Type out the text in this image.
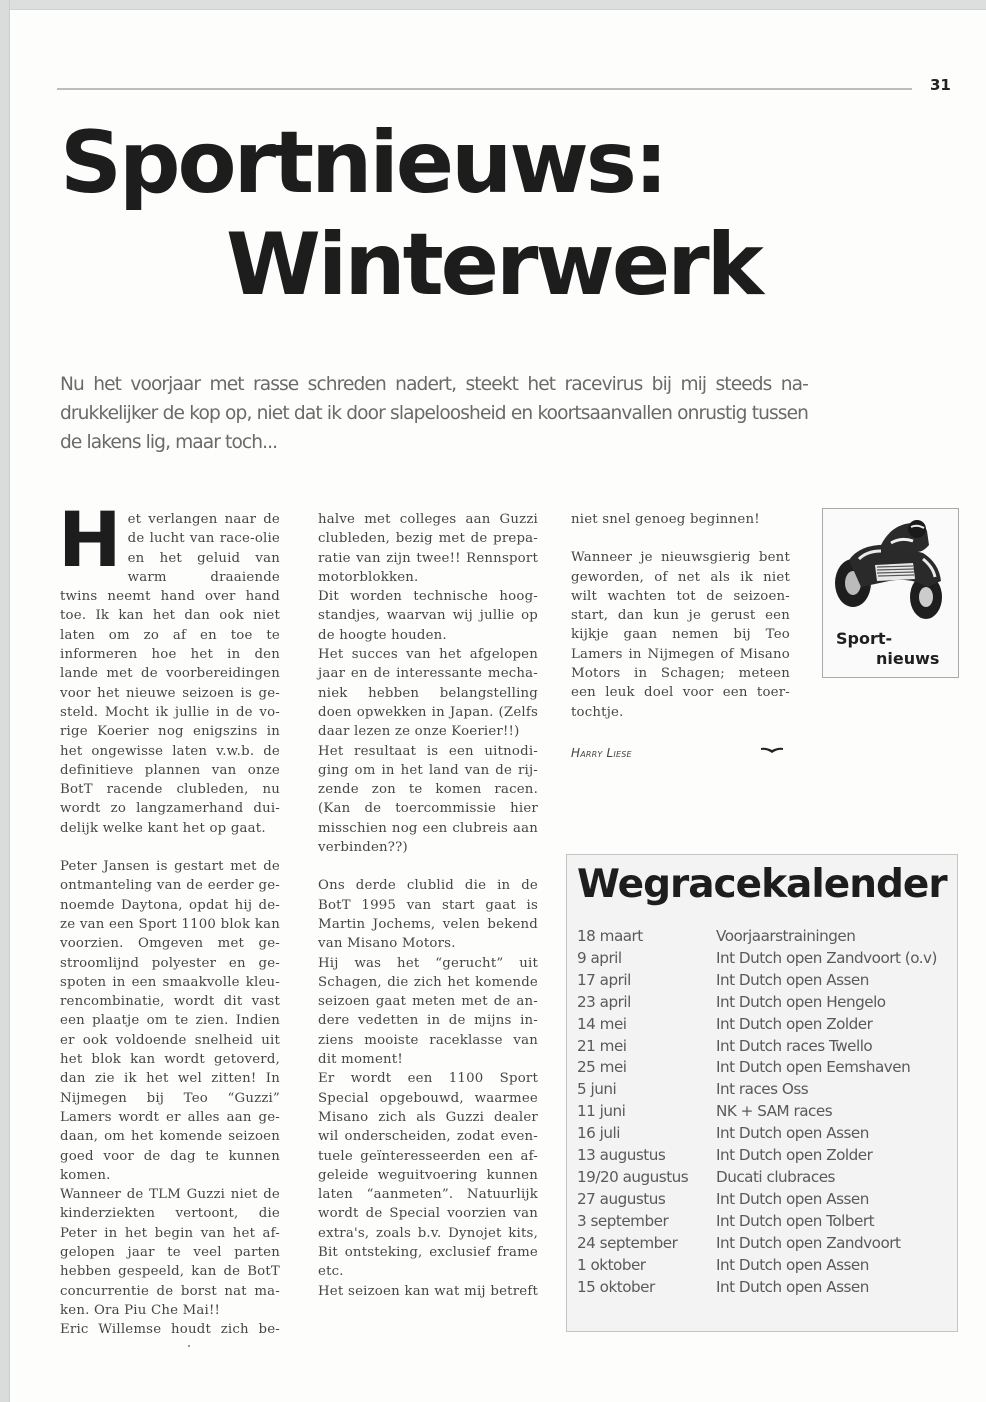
31
Sportnieuws:
Winterwerk
Nu het voorjaar met rasse schreden nadert, steekt het racevirus bij mij steeds na-drukkelijker de kop op, niet dat ik door slapeloosheid en koortsaanvallen onrustig tussen de lakens lig, maar toch...

Het verlangen naar de de lucht van race-olie en het geluid van warm draaiende twins neemt hand over hand toe. Ik kan het dan ook niet laten om zo af en toe te informeren hoe het in den lande met de voorbereidingen voor het nieuwe seizoen is ge-steld. Mocht ik jullie in de vo-rige Koerier nog enigszins in het ongewisse laten v.w.b. de definitieve plannen van onze BotT racende clubleden, nu wordt zo langzamerhand dui-delijk welke kant het op gaat.

Peter Jansen is gestart met de ontmanteling van de eerder ge-noemde Daytona, opdat hij de-ze van een Sport 1100 blok kan voorzien. Omgeven met ge-stroomlijnd polyester en ge-spoten in een smaakvolle kleu-rencombinatie, wordt dit vast een plaatje om te zien. Indien er ook voldoende snelheid uit het blok kan wordt getoverd, dan zie ik het wel zitten! In Nijmegen bij Teo “Guzzi” Lamers wordt er alles aan ge-daan, om het komende seizoen goed voor de dag te kunnen komen.

Wanneer de TLM Guzzi niet de kinderziekten vertoont, die Peter in het begin van het af-gelopen jaar te veel parten hebben gespeeld, kan de BotT concurrentie de borst nat ma-ken. Ora Piu Che Mai!!

Eric Willemse houdt zich be-

halve met colleges aan Guzzi clubleden, bezig met de prepa-ratie van zijn twee!! Rennsport motorblokken.

Dit worden technische hoog-standjes, waarvan wij jullie op de hoogte houden.

Het succes van het afgelopen jaar en de interessante mecha-niek hebben belangstelling doen opwekken in Japan. (Zelfs daar lezen ze onze Koerier!!)

Het resultaat is een uitnodi-ging om in het land van de rij-zende zon te komen racen. (Kan de toercommissie hier misschien nog een clubreis aan verbinden??)

Ons derde clublid die in de BotT 1995 van start gaat is Martin Jochems, velen bekend van Misano Motors.

Hij was het “gerucht” uit Schagen, die zich het komende seizoen gaat meten met de an-dere vedetten in de mijns in-ziens mooiste raceklasse van dit moment!

Er wordt een 1100 Sport Special opgebouwd, waarmee Misano zich als Guzzi dealer wil onderscheiden, zodat even-tuele geïnteresseerden een af-geleide weguitvoering kunnen laten “aanmeten”. Natuurlijk wordt de Special voorzien van extra's, zoals b.v. Dynojet kits, Bit ontsteking, exclusief frame etc.

Het seizoen kan wat mij betreft

niet snel genoeg beginnen!

Wanneer je nieuwsgierig bent geworden, of net als ik niet wilt wachten tot de seizoen-start, dan kun je gerust een kijkje gaan nemen bij Teo Lamers in Nijmegen of Misano Motors in Schagen; meteen een leuk doel voor een toer-tochtje.

Harry Liese

Sport-
nieuws
Wegracekalender
18 maart	Voorjaarstrainingen
9 april	Int Dutch open Zandvoort (o.v)
17 april	Int Dutch open Assen
23 april	Int Dutch open Hengelo
14 mei	Int Dutch open Zolder
21 mei	Int Dutch races Twello
25 mei	Int Dutch open Eemshaven
5 juni	Int races Oss
11 juni	NK + SAM races
16 juli	Int Dutch open Assen
13 augustus	Int Dutch open Zolder
19/20 augustus	Ducati clubraces
27 augustus	Int Dutch open Assen
3 september	Int Dutch open Tolbert
24 september	Int Dutch open Zandvoort
1 oktober	Int Dutch open Assen
15 oktober	Int Dutch open Assen
